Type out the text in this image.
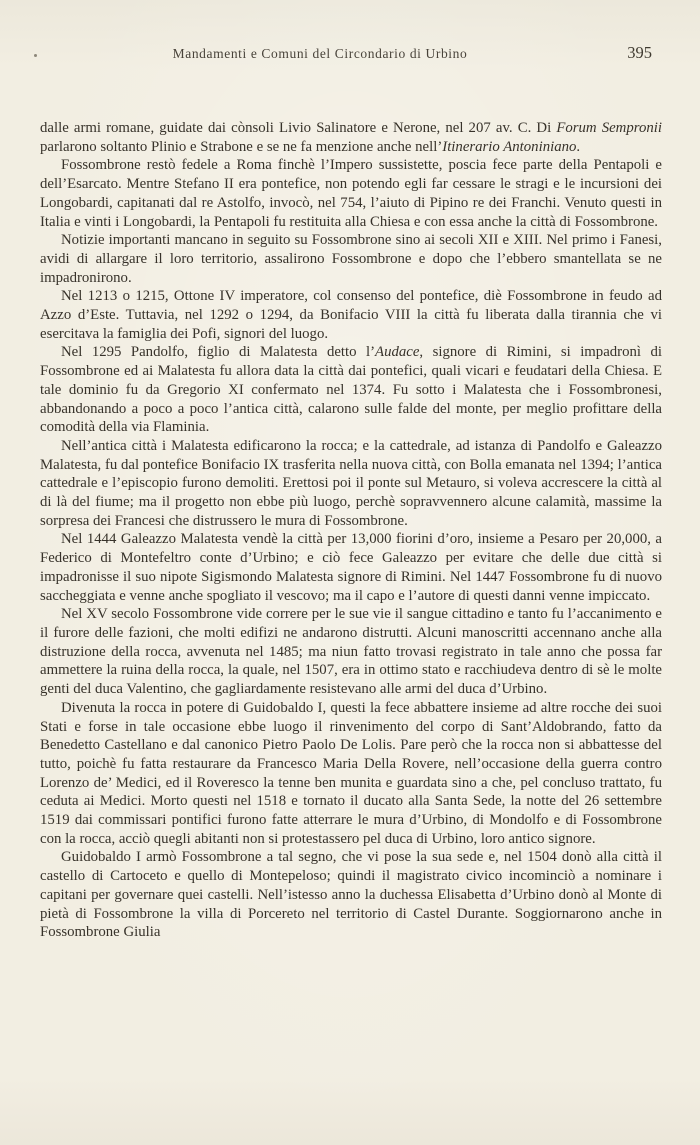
Mandamenti e Comuni del Circondario di Urbino	395

dalle armi romane, guidate dai cònsoli Livio Salinatore e Nerone, nel 207 av. C. Di Forum Sempronii parlarono soltanto Plinio e Strabone e se ne fa menzione anche nell’Itinerario Antoniniano.

Fossombrone restò fedele a Roma finchè l’Impero sussistette, poscia fece parte della Pentapoli e dell’Esarcato. Mentre Stefano II era pontefice, non potendo egli far cessare le stragi e le incursioni dei Longobardi, capitanati dal re Astolfo, invocò, nel 754, l’aiuto di Pipino re dei Franchi. Venuto questi in Italia e vinti i Longobardi, la Pentapoli fu restituita alla Chiesa e con essa anche la città di Fossombrone.

Notizie importanti mancano in seguito su Fossombrone sino ai secoli XII e XIII. Nel primo i Fanesi, avidi di allargare il loro territorio, assalirono Fossombrone e dopo che l’ebbero smantellata se ne impadronirono.

Nel 1213 o 1215, Ottone IV imperatore, col consenso del pontefice, diè Fossombrone in feudo ad Azzo d’Este. Tuttavia, nel 1292 o 1294, da Bonifacio VIII la città fu liberata dalla tirannia che vi esercitava la famiglia dei Pofi, signori del luogo.

Nel 1295 Pandolfo, figlio di Malatesta detto l’Audace, signore di Rimini, si impadronì di Fossombrone ed ai Malatesta fu allora data la città dai pontefici, quali vicari e feudatari della Chiesa. E tale dominio fu da Gregorio XI confermato nel 1374. Fu sotto i Malatesta che i Fossombronesi, abbandonando a poco a poco l’antica città, calarono sulle falde del monte, per meglio profittare della comodità della via Flaminia.

Nell’antica città i Malatesta edificarono la rocca; e la cattedrale, ad istanza di Pandolfo e Galeazzo Malatesta, fu dal pontefice Bonifacio IX trasferita nella nuova città, con Bolla emanata nel 1394; l’antica cattedrale e l’episcopio furono demoliti. Erettosi poi il ponte sul Metauro, si voleva accrescere la città al di là del fiume; ma il progetto non ebbe più luogo, perchè sopravvennero alcune calamità, massime la sorpresa dei Francesi che distrussero le mura di Fossombrone.

Nel 1444 Galeazzo Malatesta vendè la città per 13,000 fiorini d’oro, insieme a Pesaro per 20,000, a Federico di Montefeltro conte d’Urbino; e ciò fece Galeazzo per evitare che delle due città si impadronisse il suo nipote Sigismondo Malatesta signore di Rimini. Nel 1447 Fossombrone fu di nuovo saccheggiata e venne anche spogliato il vescovo; ma il capo e l’autore di questi danni venne impiccato.

Nel XV secolo Fossombrone vide correre per le sue vie il sangue cittadino e tanto fu l’accanimento e il furore delle fazioni, che molti edifizi ne andarono distrutti. Alcuni manoscritti accennano anche alla distruzione della rocca, avvenuta nel 1485; ma niun fatto trovasi registrato in tale anno che possa far ammettere la ruina della rocca, la quale, nel 1507, era in ottimo stato e racchiudeva dentro di sè le molte genti del duca Valentino, che gagliardamente resistevano alle armi del duca d’Urbino.

Divenuta la rocca in potere di Guidobaldo I, questi la fece abbattere insieme ad altre rocche dei suoi Stati e forse in tale occasione ebbe luogo il rinvenimento del corpo di Sant’Aldobrando, fatto da Benedetto Castellano e dal canonico Pietro Paolo De Lolis. Pare però che la rocca non si abbattesse del tutto, poichè fu fatta restaurare da Francesco Maria Della Rovere, nell’occasione della guerra contro Lorenzo de’ Medici, ed il Roveresco la tenne ben munita e guardata sino a che, pel concluso trattato, fu ceduta ai Medici. Morto questi nel 1518 e tornato il ducato alla Santa Sede, la notte del 26 settembre 1519 dai commissari pontifici furono fatte atterrare le mura d’Urbino, di Mondolfo e di Fossombrone con la rocca, acciò quegli abitanti non si protestassero pel duca di Urbino, loro antico signore.

Guidobaldo I armò Fossombrone a tal segno, che vi pose la sua sede e, nel 1504 donò alla città il castello di Cartoceto e quello di Montepeloso; quindi il magistrato civico incominciò a nominare i capitani per governare quei castelli. Nell’istesso anno la duchessa Elisabetta d’Urbino donò al Monte di pietà di Fossombrone la villa di Porcereto nel territorio di Castel Durante. Soggiornarono anche in Fossombrone Giulia
